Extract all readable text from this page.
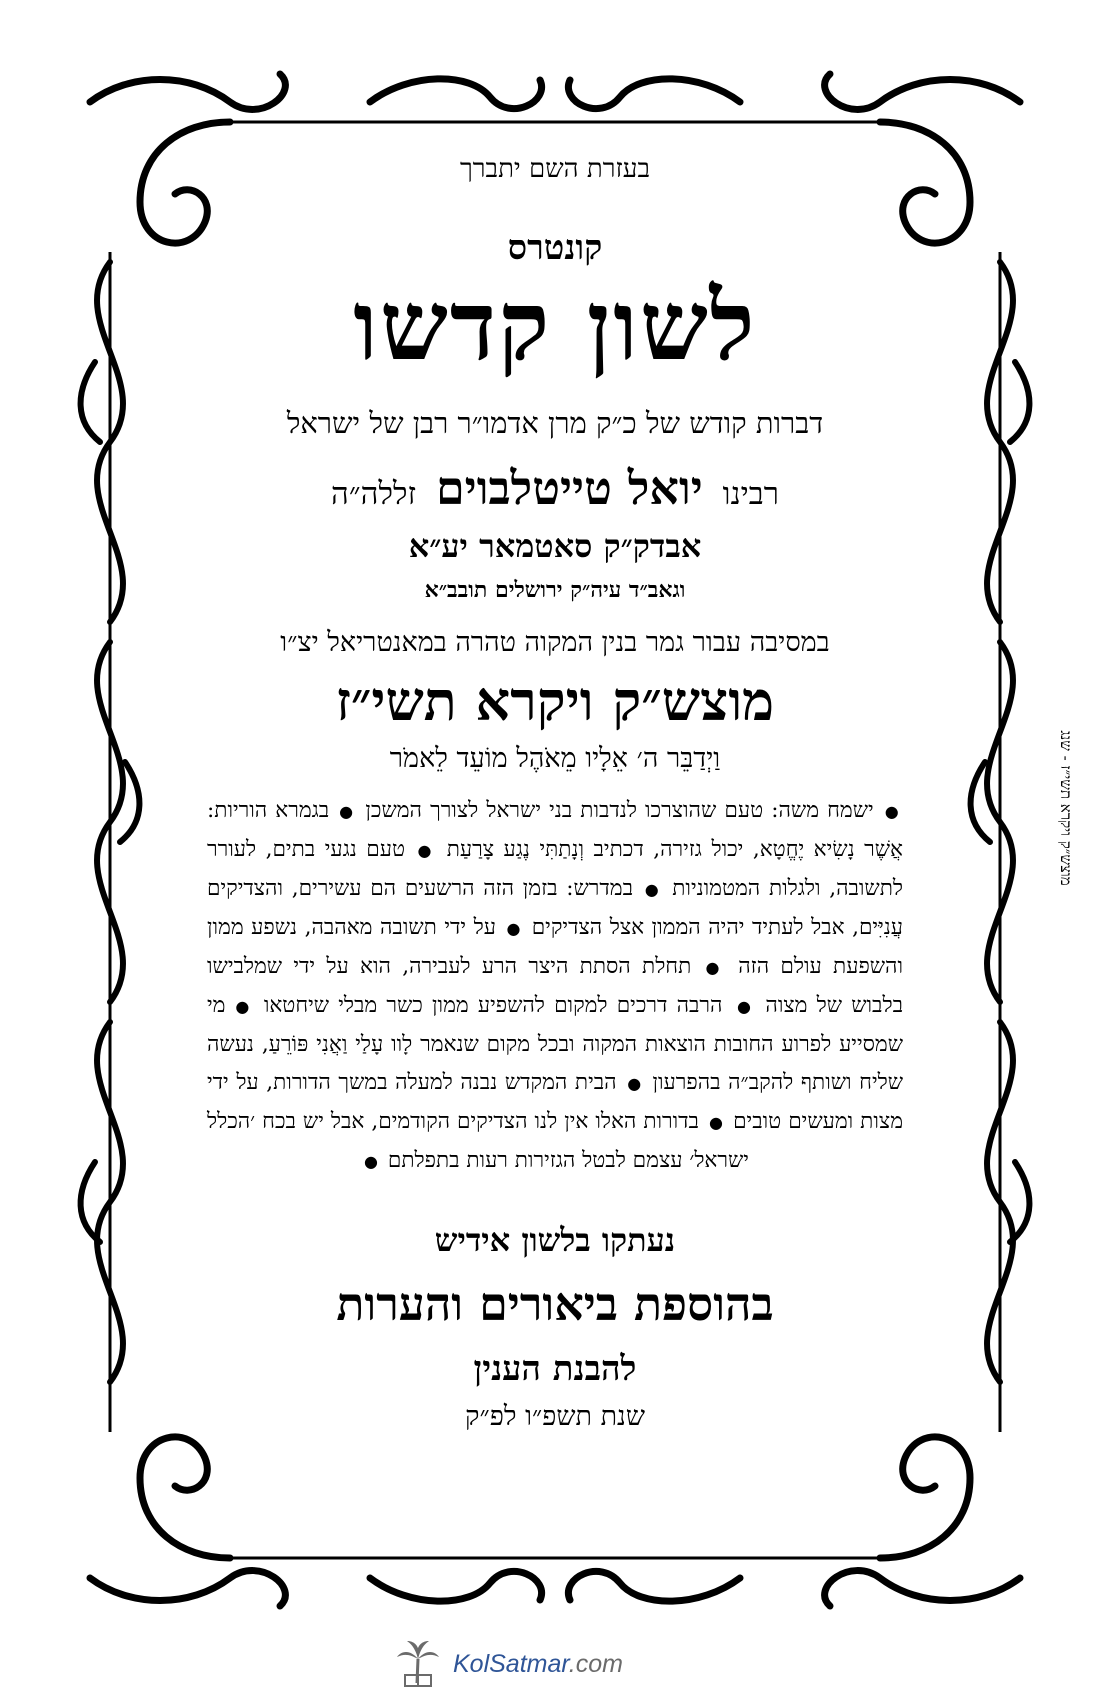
בעזרת השם יתברך
קונטרס
לשון קדשו
דברות קודש של כ״ק מרן אדמו״ר רבן של ישראל
רבינו יואל טייטלבוים זללה״ה
אבדק״ק סאטמאר יע״א
וגאב״ד עיה״ק ירושלים תובב״א
במסיבה עבור גמר בנין המקוה טהרה במאנטריאל יצ״ו
מוצש״ק ויקרא תשי״ז
וַיְדַבֵּר ה׳ אֵלָיו מֵאֹהֶל מוֹעֵד לֵאמֹר
● ישמח משה: טעם שהוצרכו לנדבות בני ישראל לצורך המשכן ● בגמרא הוריות: אֲשֶׁר נָשִׂיא יֶחֱטָא, יכול גזירה, דכתיב וְנָתַתִּי נֶגַע צָרַעַת ● טעם נגעי בתים, לעורר לתשובה, ולגלות המטמוניות ● במדרש: בזמן הזה הרשעים הם עשירים, והצדיקים עֲנִיִּים, אבל לעתיד יהיה הממון אצל הצדיקים ● על ידי תשובה מאהבה, נשפע ממון והשפעת עולם הזה ● תחלת הסתת היצר הרע לעבירה, הוא על ידי שמלבישו בלבוש של מצוה ● הרבה דרכים למקום להשפיע ממון כשר מבלי שיחטאו ● מי שמסייע לפרוע החובות הוצאות המקוה ובכל מקום שנאמר לָוו עָלַי וַאֲנִי פּוֹרֵעַ, נעשה שליח ושותף להקב״ה בהפרעון ● הבית המקדש נבנה למעלה במשך הדורות, על ידי מצות ומעשים טובים ● בדורות האלו אין לנו הצדיקים הקודמים, אבל יש בכח ׳הכלל ישראל׳ עצמם לבטל הגזירות רעות בתפלתם ●
נעתקו בלשון אידיש
בהוספת ביאורים והערות
להבנת הענין
שנת תשפ״ו לפ״ק
מוצש״ק ויקרא תשי״ז - שנג
KolSatmar.com
